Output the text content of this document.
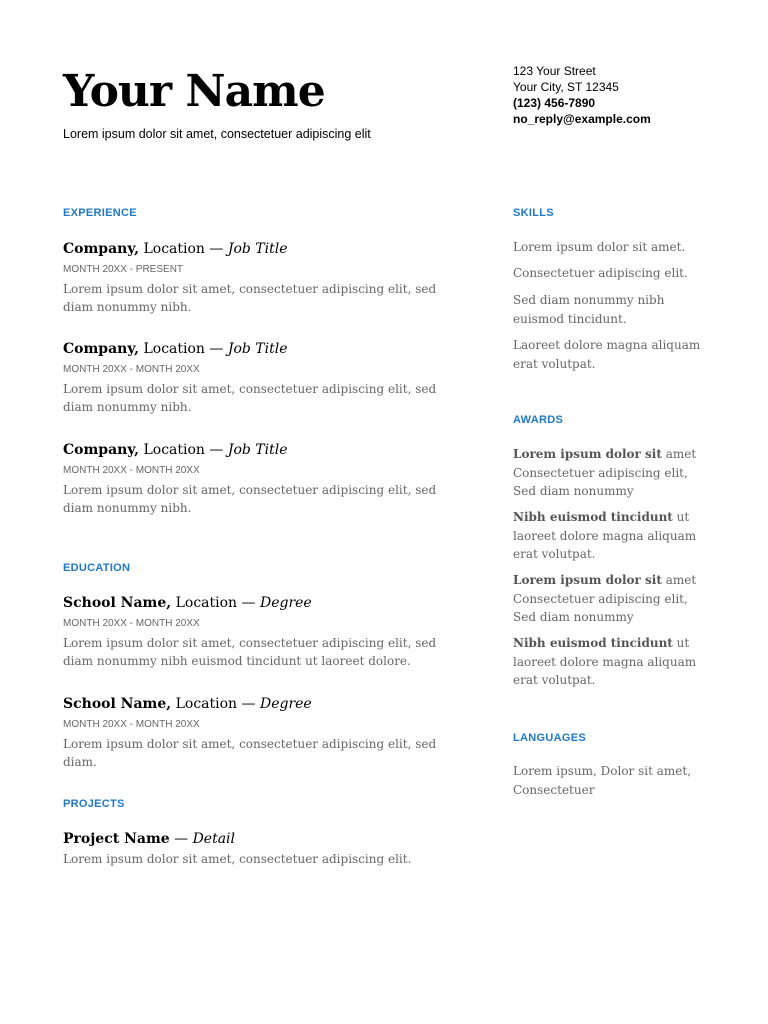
Your Name

Lorem ipsum dolor sit amet, consectetuer adipiscing elit

123 Your Street
Your City, ST 12345
(123) 456-7890
no_reply@example.com
EXPERIENCE

Company, Location — Job Title

MONTH 20XX - PRESENT
Lorem ipsum dolor sit amet, consectetuer adipiscing elit, sed diam nonummy nibh.

Company, Location — Job Title

MONTH 20XX - MONTH 20XX
Lorem ipsum dolor sit amet, consectetuer adipiscing elit, sed diam nonummy nibh.

Company, Location — Job Title

MONTH 20XX - MONTH 20XX
Lorem ipsum dolor sit amet, consectetuer adipiscing elit, sed diam nonummy nibh.
EDUCATION

School Name, Location — Degree

MONTH 20XX - MONTH 20XX
Lorem ipsum dolor sit amet, consectetuer adipiscing elit, sed diam nonummy nibh euismod tincidunt ut laoreet dolore.

School Name, Location — Degree

MONTH 20XX - MONTH 20XX
Lorem ipsum dolor sit amet, consectetuer adipiscing elit, sed diam.
PROJECTS

Project Name — Detail

Lorem ipsum dolor sit amet, consectetuer adipiscing elit.
SKILLS
Lorem ipsum dolor sit amet.
Consectetuer adipiscing elit.
Sed diam nonummy nibh euismod tincidunt.
Laoreet dolore magna aliquam erat volutpat.
AWARDS
Lorem ipsum dolor sit amet Consectetuer adipiscing elit, Sed diam nonummy
Nibh euismod tincidunt ut laoreet dolore magna aliquam erat volutpat.
Lorem ipsum dolor sit amet Consectetuer adipiscing elit, Sed diam nonummy
Nibh euismod tincidunt ut laoreet dolore magna aliquam erat volutpat.
LANGUAGES
Lorem ipsum, Dolor sit amet, Consectetuer
